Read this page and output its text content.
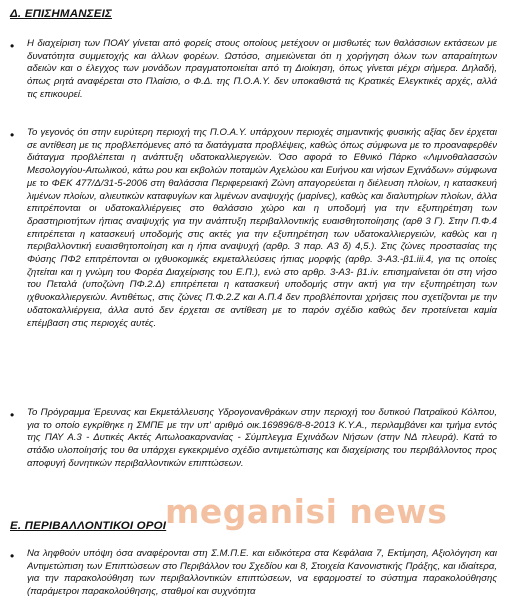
Δ. ΕΠΙΣΗΜΑΝΣΕΙΣ
• Η διαχείριση των ΠΟΑΥ γίνεται από φορείς στους οποίους μετέχουν οι μισθωτές των θαλάσσιων εκτάσεων με δυνατότητα συμμετοχής και άλλων φορέων. Ωστόσο, σημειώνεται ότι η χορήγηση όλων των απαραίτητων αδειών και ο έλεγχος των μονάδων πραγματοποιείται από τη Διοίκηση, όπως γίνεται μέχρι σήμερα. Δηλαδή, όπως ρητά αναφέρεται στο Πλαίσιο, ο Φ.Δ. της Π.Ο.Α.Υ. δεν υποκαθιστά τις Κρατικές Ελεγκτικές αρχές, αλλά τις επικουρεί.
• Το γεγονός ότι στην ευρύτερη περιοχή της Π.Ο.Α.Υ. υπάρχουν περιοχές σημαντικής φυσικής αξίας δεν έρχεται σε αντίθεση με τις προβλεπόμενες από τα διατάγματα προβλέψεις, καθώς όπως σύμφωνα με το προαναφερθέν διάταγμα προβλέπεται η ανάπτυξη υδατοκαλλιεργειών. Όσο αφορά το Εθνικό Πάρκο «Λιμνοθαλασσών Μεσολογγίου-Αιτωλικού, κάτω ρου και εκβολών ποταμών Αχελώου και Ευήνου και νήσων Εχινάδων» σύμφωνα με το ΦΕΚ 477/Δ/31-5-2006 στη θαλάσσια Περιφερειακή Ζώνη απαγορεύεται η διέλευση πλοίων, η κατασκευή λιμένων πλοίων, αλιευτικών καταφυγίων και λιμένων αναψυχής (μαρίνες), καθώς και διαλυτηρίων πλοίων, άλλα επιτρέπονται οι υδατοκαλλιέργειες στο θαλάσσιο χώρο και η υποδομή για την εξυπηρέτηση των δραστηριοτήτων ήπιας αναψυχής για την ανάπτυξη περιβαλλοντικής ευαισθητοποίησης (αρθ 3 Γ). Στην Π.Φ.4 επιτρέπεται η κατασκευή υποδομής στις ακτές για την εξυπηρέτηση των υδατοκαλλιεργειών, καθώς και η περιβαλλοντική ευαισθητοποίηση και η ήπια αναψυχή (αρθρ. 3 παρ. Α3 δ) 4,5.). Στις ζώνες προστασίας της Φύσης ΠΦ2 επιτρέπονται οι ιχθυοκομικές εκμεταλλεύσεις ήπιας μορφής (αρθρ. 3-Α3.-β1.iii.4, για τις οποίες ζητείται και η γνώμη του Φορέα Διαχείρισης του Ε.Π.), ενώ στο αρθρ. 3-Α3- β1.iv. επισημαίνεται ότι στη νήσο του Πεταλά (υποζώνη ΠΦ.2.Δ) επιτρέπεται η κατασκευή υποδομής στην ακτή για την εξυπηρέτηση των ιχθυοκαλλιεργειών. Αντιθέτως, στις ζώνες Π.Φ.2.Ζ και Α.Π.4 δεν προβλέπονται χρήσεις που σχετίζονται με την υδατοκαλλιέργεια, άλλα αυτό δεν έρχεται σε αντίθεση με το παρόν σχέδιο καθώς δεν προτείνεται καμία επέμβαση στις περιοχές αυτές.
• Το Πρόγραμμα Έρευνας και Εκμετάλλευσης Υδρογονανθράκων στην περιοχή του δυτικού Πατραϊκού Κόλπου, για το οποίο εγκρίθηκε η ΣΜΠΕ με την υπ' αριθμό οικ.169896/8-8-2013 Κ.Υ.Α., περιλαμβάνει και τμήμα εντός της ΠΑΥ Α.3 - Δυτικές Ακτές Αιτωλοακαρνανίας - Σύμπλεγμα Εχινάδων Νήσων (στην ΝΔ πλευρά). Κατά το στάδιο υλοποίησής του θα υπάρχει εγκεκριμένο σχέδιο αντιμετώπισης και διαχείρισης του περιβάλλοντος προς αποφυγή δυνητικών περιβαλλοντικών επιπτώσεων.
Ε. ΠΕΡΙΒΑΛΛΟΝΤΙΚΟΙ ΟΡΟΙ
• Να ληφθούν υπόψη όσα αναφέρονται στη Σ.Μ.Π.Ε. και ειδικότερα στα Κεφάλαια 7, Εκτίμηση, Αξιολόγηση και Αντιμετώπιση των Επιπτώσεων στο Περιβάλλον του Σχεδίου και 8, Στοιχεία Κανονιστικής Πράξης, και ιδιαίτερα, για την παρακολούθηση των περιβαλλοντικών επιπτώσεων, να εφαρμοστεί το σύστημα παρακολούθησης (παράμετροι παρακολούθησης, σταθμοί και συχνότητα
meganisi news
